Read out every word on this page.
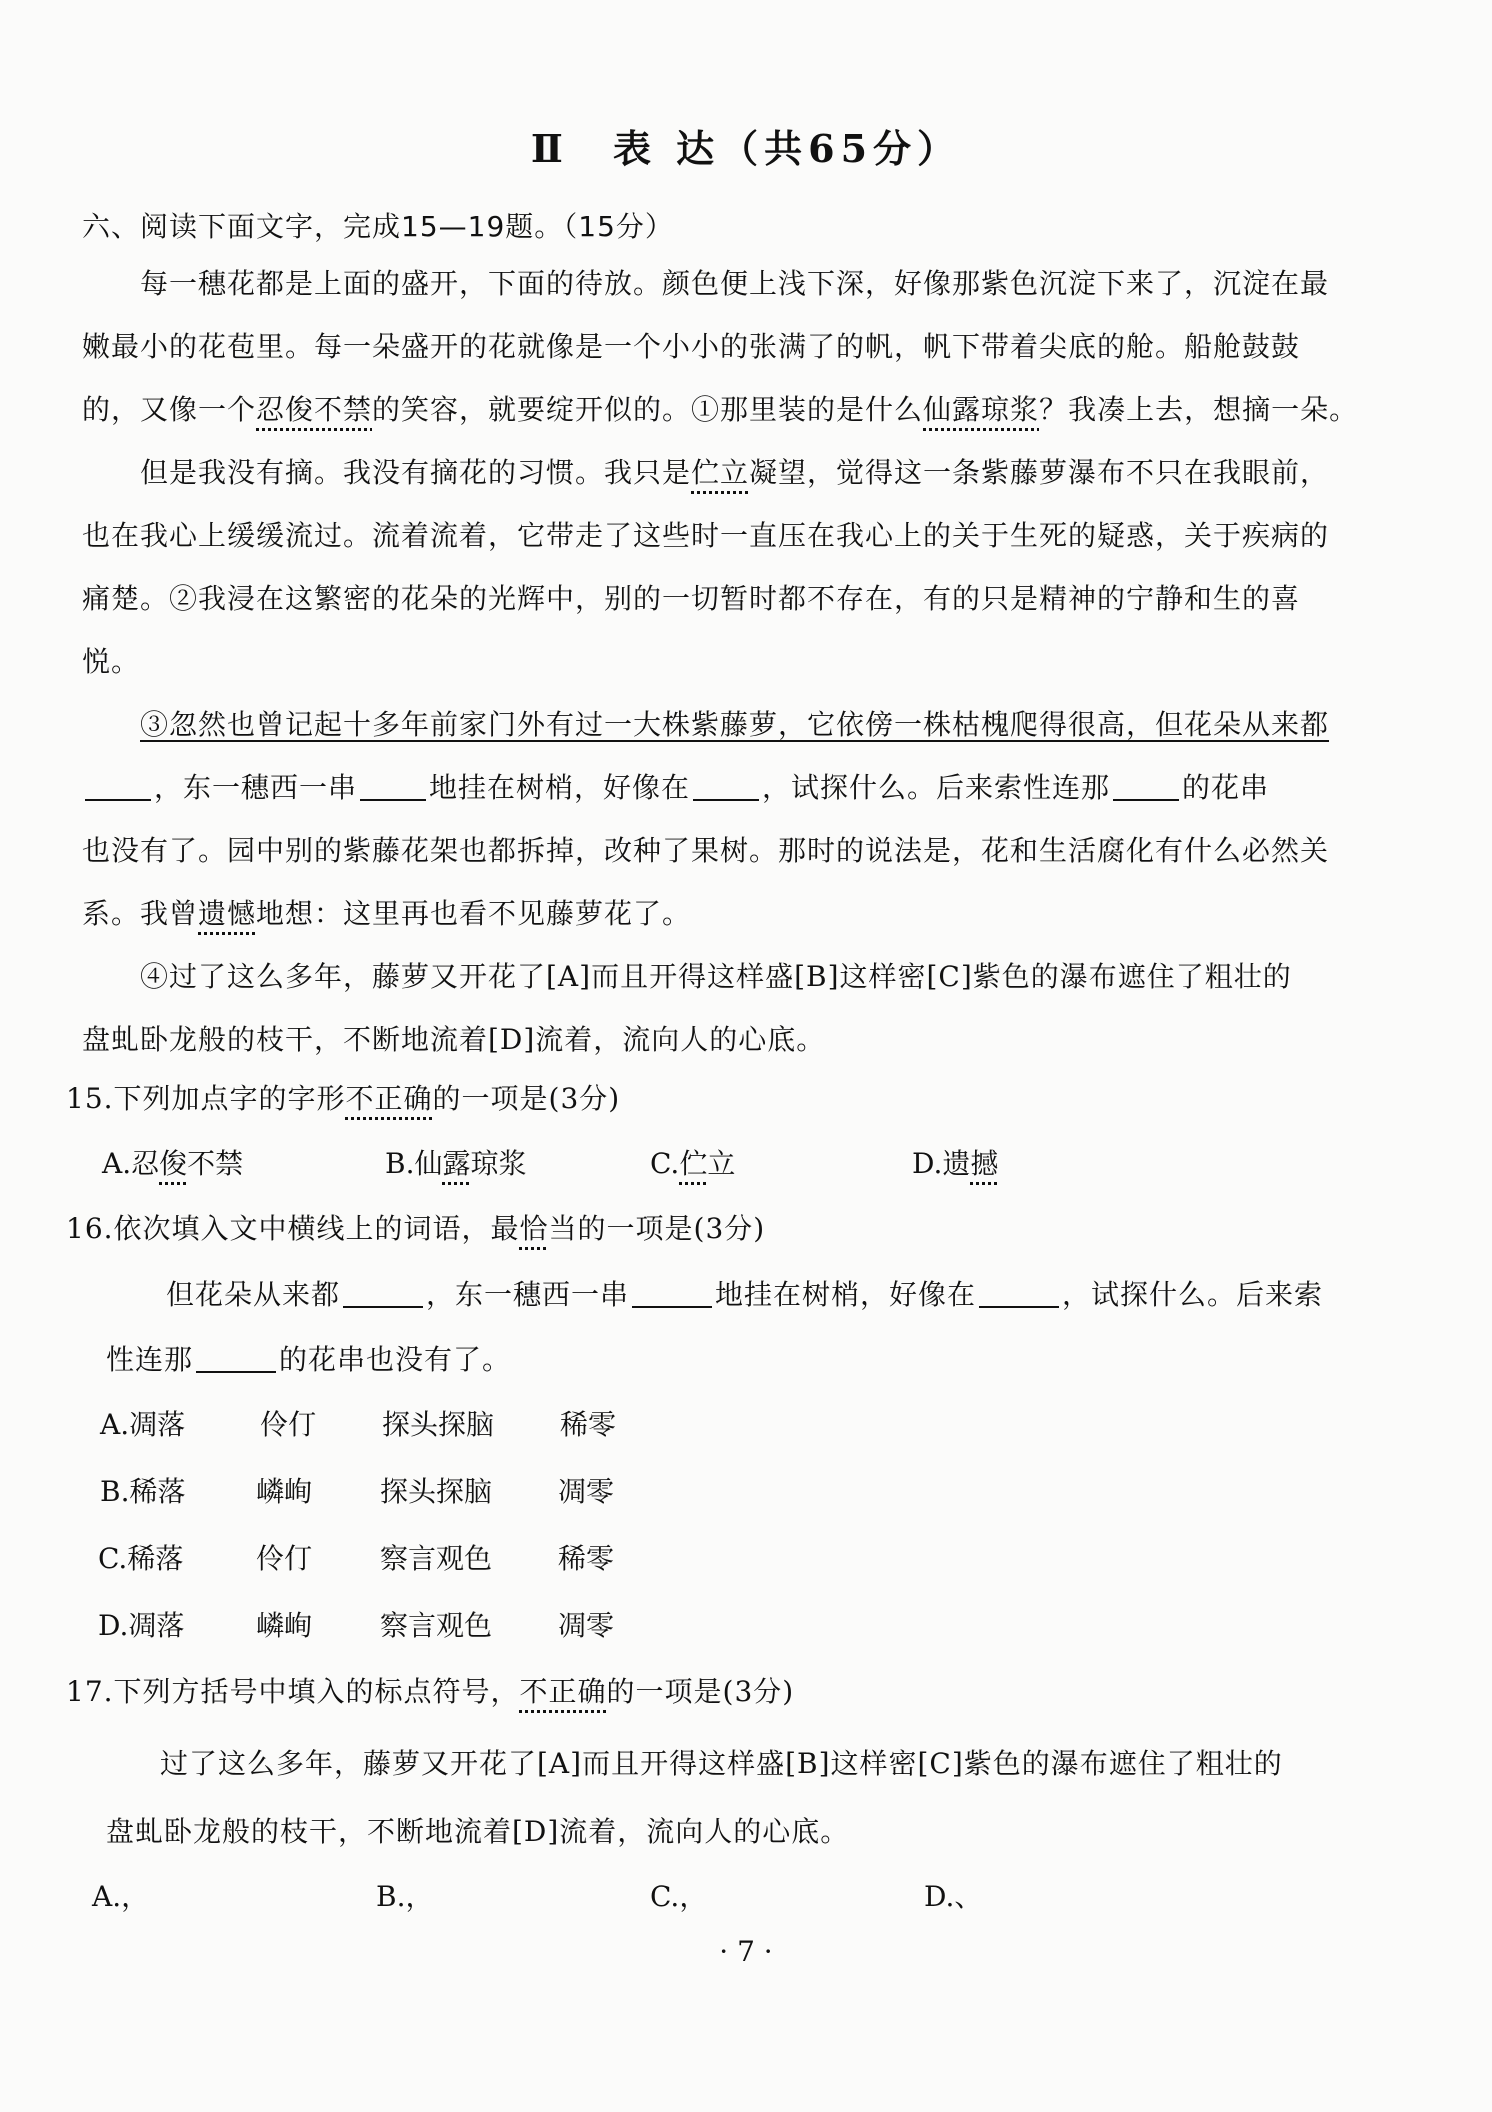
Ⅱ　表 达（共65分）
六、阅读下面文字，完成15—19题。（15分）
每一穗花都是上面的盛开，下面的待放。颜色便上浅下深，好像那紫色沉淀下来了，沉淀在最
嫩最小的花苞里。每一朵盛开的花就像是一个小小的张满了的帆，帆下带着尖底的舱。船舱鼓鼓
的，又像一个忍俊不禁的笑容，就要绽开似的。①那里装的是什么仙露琼浆？我凑上去，想摘一朵。
但是我没有摘。我没有摘花的习惯。我只是伫立凝望，觉得这一条紫藤萝瀑布不只在我眼前，
也在我心上缓缓流过。流着流着，它带走了这些时一直压在我心上的关于生死的疑惑，关于疾病的
痛楚。②我浸在这繁密的花朵的光辉中，别的一切暂时都不存在，有的只是精神的宁静和生的喜
悦。
③忽然也曾记起十多年前家门外有过一大株紫藤萝，它依傍一株枯槐爬得很高，但花朵从来都
，东一穗西一串	地挂在树梢，好像在	，试探什么。后来索性连那	的花串
也没有了。园中别的紫藤花架也都拆掉，改种了果树。那时的说法是，花和生活腐化有什么必然关
系。我曾遗憾地想：这里再也看不见藤萝花了。
④过了这么多年，藤萝又开花了[A]而且开得这样盛[B]这样密[C]紫色的瀑布遮住了粗壮的
盘虬卧龙般的枝干，不断地流着[D]流着，流向人的心底。
15.下列加点字的字形不正确的一项是(3分)
A.忍俊不禁	B.仙露琼浆	C.伫立	D.遗撼
16.依次填入文中横线上的词语，最恰当的一项是(3分)
但花朵从来都	，东一穗西一串	地挂在树梢，好像在	，试探什么。后来索
性连那	的花串也没有了。
A.凋落	伶仃 探头探脑 稀零
B.稀落	嶙峋 探头探脑 凋零
C.稀落	伶仃 察言观色 稀零
D.凋落	嶙峋 察言观色 凋零
17.下列方括号中填入的标点符号，不正确的一项是(3分)
过了这么多年，藤萝又开花了[A]而且开得这样盛[B]这样密[C]紫色的瀑布遮住了粗壮的
盘虬卧龙般的枝干，不断地流着[D]流着，流向人的心底。
A.，	B.，	C.，	D.、
· 7 ·
